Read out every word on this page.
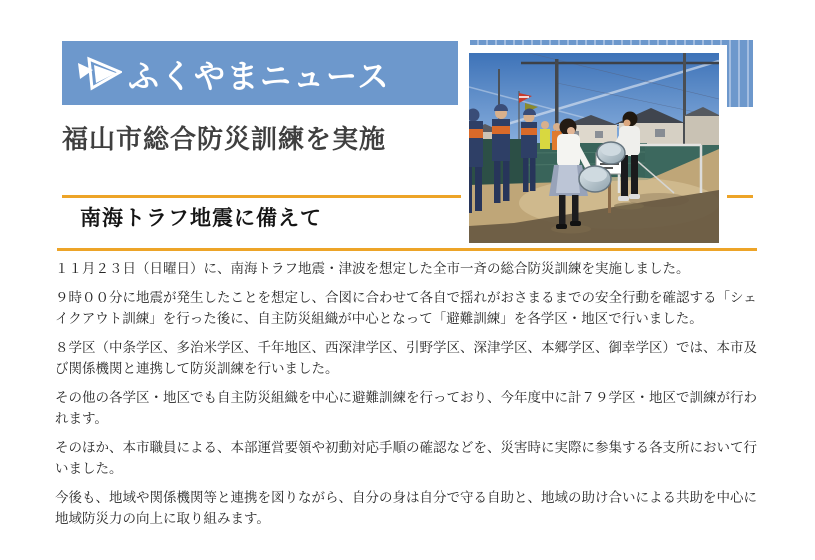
ふくやまニュース
福山市総合防災訓練を実施
南海トラフ地震に備えて

１１月２３日（日曜日）に、南海トラフ地震・津波を想定した全市一斉の総合防災訓練を実施しました。

９時００分に地震が発生したことを想定し、合図に合わせて各自で揺れがおさまるまでの安全行動を確認する「シェイクアウト訓練」を行った後に、自主防災組織が中心となって「避難訓練」を各学区・地区で行いました。

８学区（中条学区、多治米学区、千年地区、西深津学区、引野学区、深津学区、本郷学区、御幸学区）では、本市及び関係機関と連携して防災訓練を行いました。

その他の各学区・地区でも自主防災組織を中心に避難訓練を行っており、今年度中に計７９学区・地区で訓練が行われます。

そのほか、本市職員による、本部運営要領や初動対応手順の確認などを、災害時に実際に参集する各支所において行いました。

今後も、地域や関係機関等と連携を図りながら、自分の身は自分で守る自助と、地域の助け合いによる共助を中心に地域防災力の向上に取り組みます。
